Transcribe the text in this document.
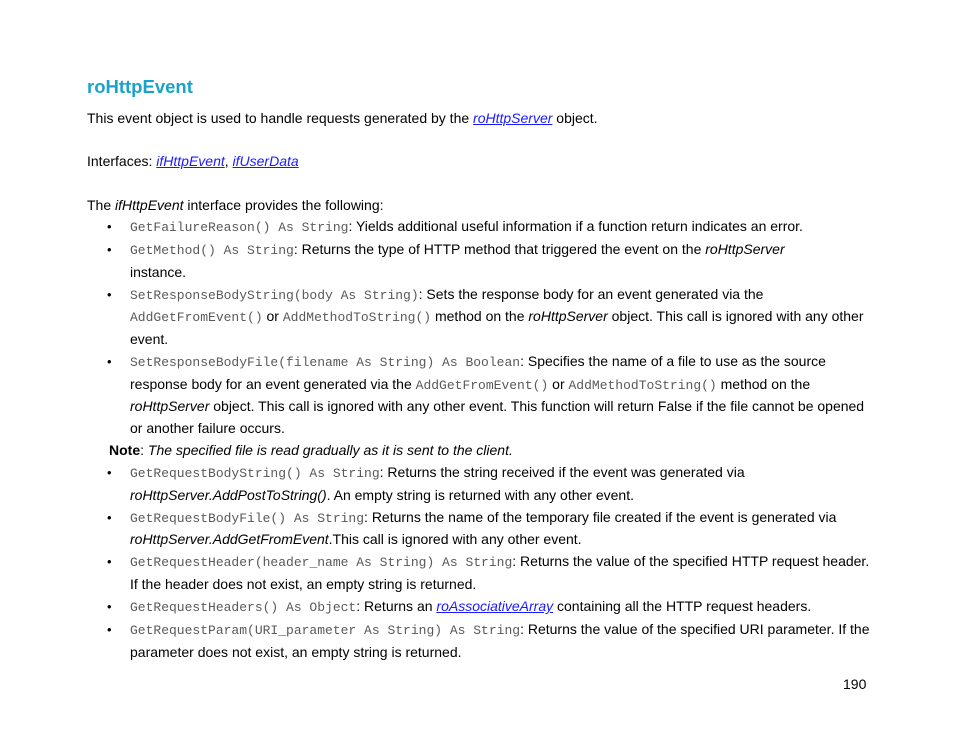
roHttpEvent

This event object is used to handle requests generated by the roHttpServer object.

Interfaces: ifHttpEvent, ifUserData

The ifHttpEvent interface provides the following:

• GetFailureReason() As String: Yields additional useful information if a function return indicates an error.
• GetMethod() As String: Returns the type of HTTP method that triggered the event on the roHttpServer
instance.
• SetResponseBodyString(body As String): Sets the response body for an event generated via the
AddGetFromEvent() or AddMethodToString() method on the roHttpServer object. This call is ignored with any other event.
• SetResponseBodyFile(filename As String) As Boolean: Specifies the name of a file to use as the source response body for an event generated via the AddGetFromEvent() or AddMethodToString() method on the roHttpServer object. This call is ignored with any other event. This function will return False if the file cannot be opened or another failure occurs.
Note: The specified file is read gradually as it is sent to the client.
• GetRequestBodyString() As String: Returns the string received if the event was generated via
roHttpServer.AddPostToString(). An empty string is returned with any other event.
• GetRequestBodyFile() As String: Returns the name of the temporary file created if the event is generated via roHttpServer.AddGetFromEvent.This call is ignored with any other event.
• GetRequestHeader(header_name As String) As String: Returns the value of the specified HTTP request header. If the header does not exist, an empty string is returned.
• GetRequestHeaders() As Object: Returns an roAssociativeArray containing all the HTTP request headers.
• GetRequestParam(URI_parameter As String) As String: Returns the value of the specified URI parameter. If the parameter does not exist, an empty string is returned.
190
